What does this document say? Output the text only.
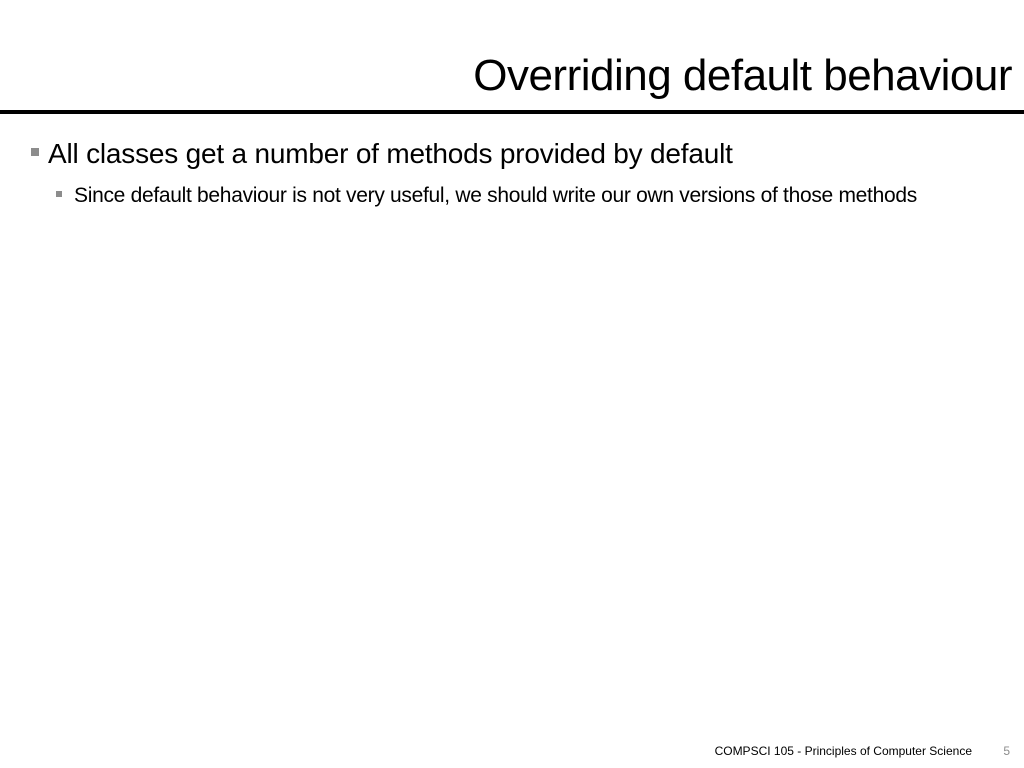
Overriding default behaviour
All classes get a number of methods provided by default
Since default behaviour is not very useful, we should write our own versions of those methods
COMPSCI 105 - Principles of Computer Science	5
